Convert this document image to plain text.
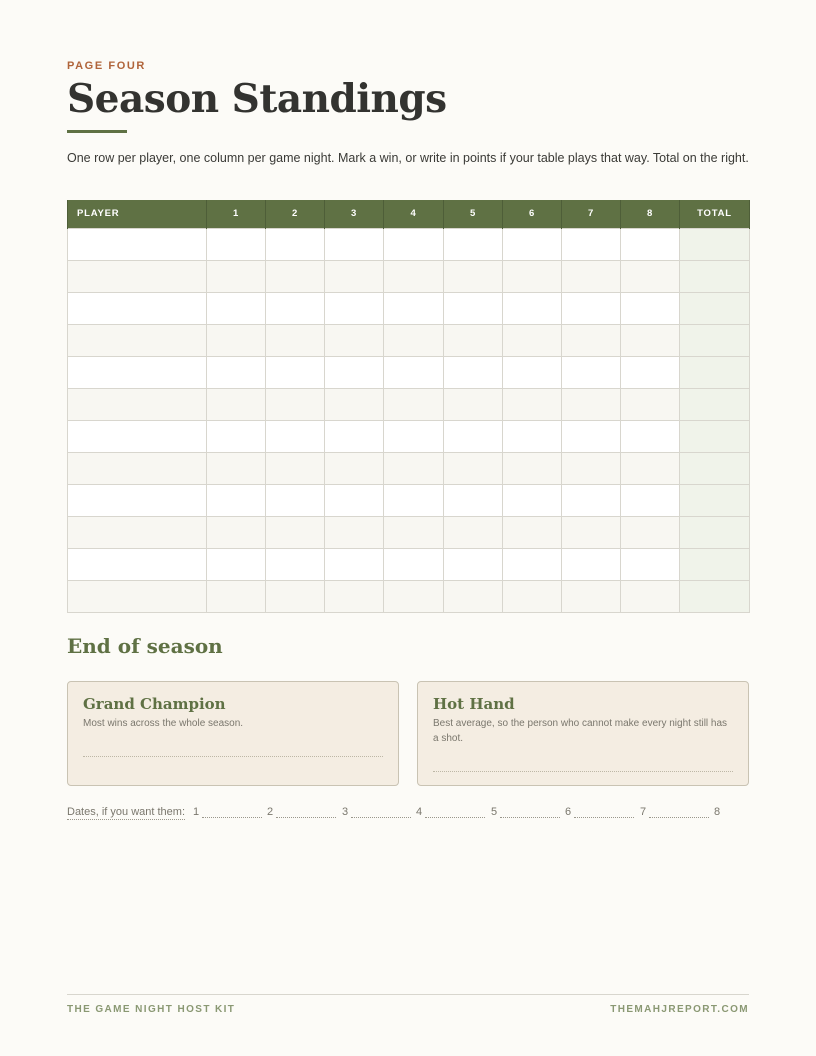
PAGE FOUR
Season Standings

One row per player, one column per game night. Mark a win, or write in points if your table plays that way. Total on the right.

PLAYER	1	2	3	4	5	6	7	8	TOTAL

End of season
Grand Champion
Most wins across the whole season.
Hot Hand
Best average, so the person who cannot make every night still has a shot.
Dates, if you want them: 1	2	3	4	5	6	7	8
THE GAME NIGHT HOST KIT	THEMAHJREPORT.COM
